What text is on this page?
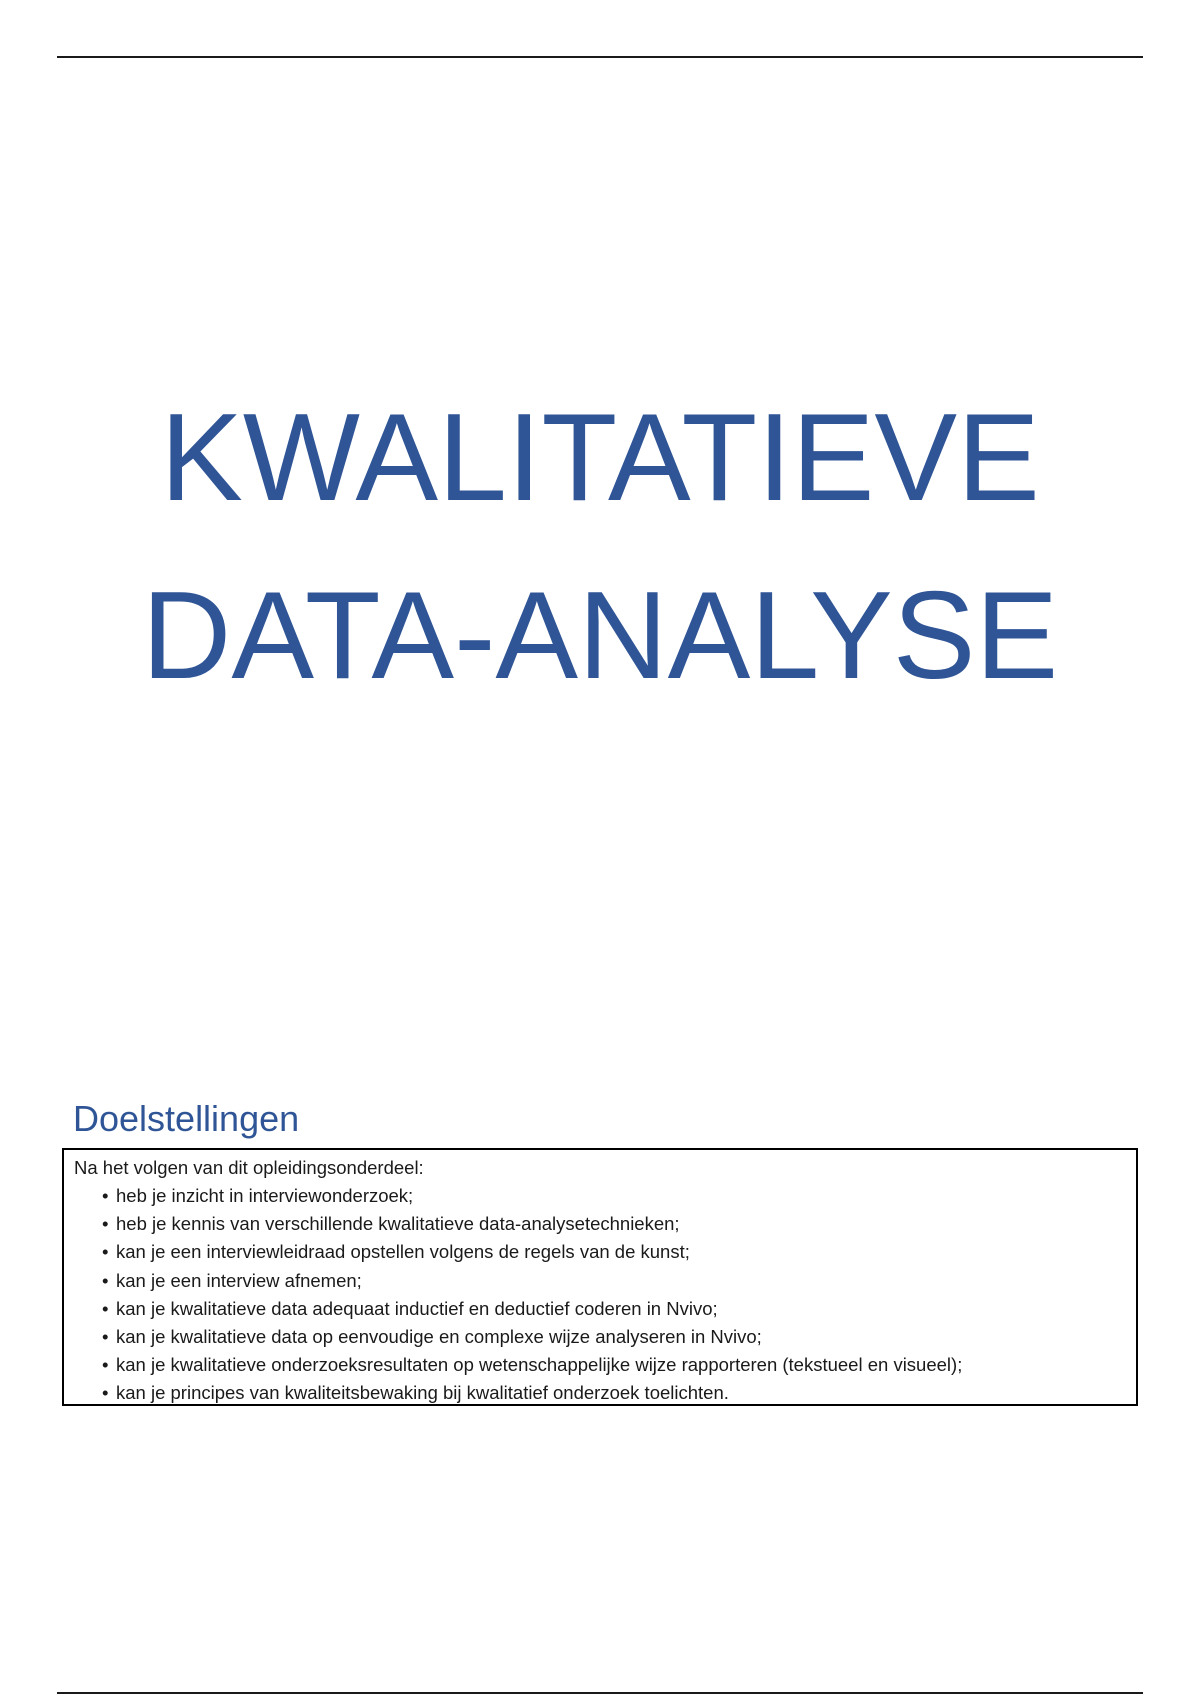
KWALITATIEVE
DATA-ANALYSE
Doelstellingen

Na het volgen van dit opleidingsonderdeel:

• heb je inzicht in interviewonderzoek;
• heb je kennis van verschillende kwalitatieve data-analysetechnieken;
• kan je een interviewleidraad opstellen volgens de regels van de kunst;
• kan je een interview afnemen;
• kan je kwalitatieve data adequaat inductief en deductief coderen in Nvivo;
• kan je kwalitatieve data op eenvoudige en complexe wijze analyseren in Nvivo;
• kan je kwalitatieve onderzoeksresultaten op wetenschappelijke wijze rapporteren (tekstueel en visueel);
• kan je principes van kwaliteitsbewaking bij kwalitatief onderzoek toelichten.
